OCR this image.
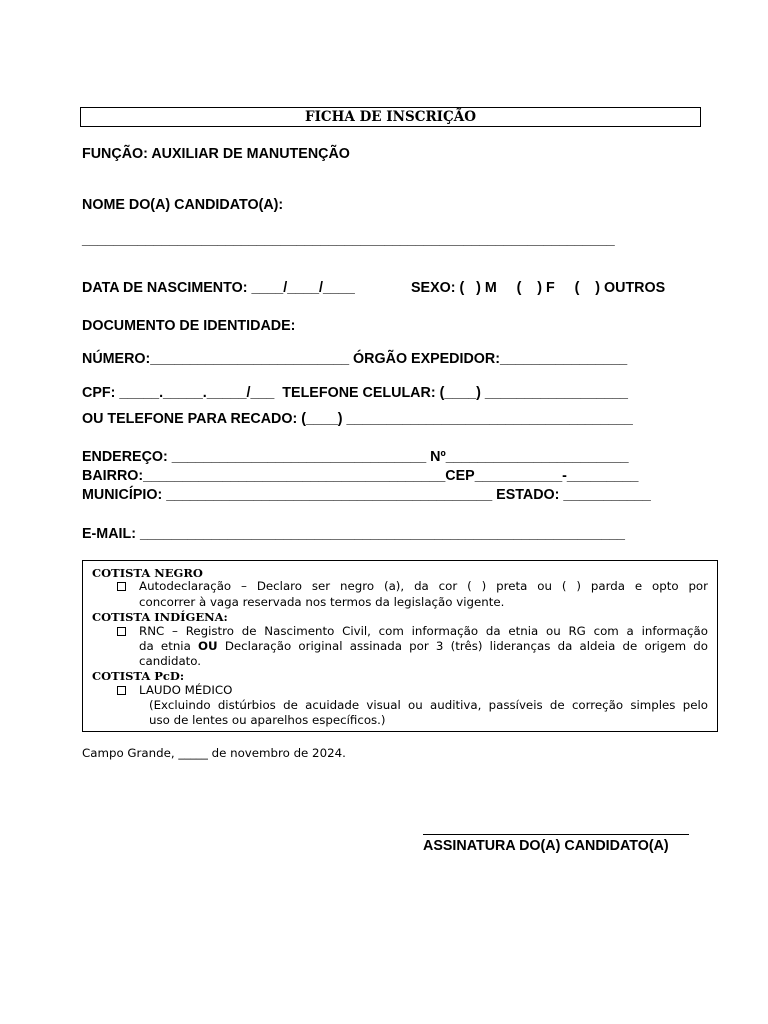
FICHA DE INSCRIÇÃO
FUNÇÃO: AUXILIAR DE MANUTENÇÃO
NOME DO(A) CANDIDATO(A):
___________________________________________________________________
DATA DE NASCIMENTO: ____/____/____	SEXO: (   ) M     (    ) F     (    ) OUTROS
DOCUMENTO DE IDENTIDADE:
NÚMERO:_________________________ ÓRGÃO EXPEDIDOR:________________
CPF: _____._____._____/___  TELEFONE CELULAR: (____) __________________
OU TELEFONE PARA RECADO: (____) ____________________________________
ENDEREÇO: ________________________________ Nº_______________________
BAIRRO:______________________________________CEP___________-_________
MUNICÍPIO: _________________________________________ ESTADO: ___________
E-MAIL: _____________________________________________________________
COTISTA NEGRO
Autodeclaração – Declaro ser negro (a), da cor ( ) preta ou ( ) parda e opto por
concorrer à vaga reservada nos termos da legislação vigente.
COTISTA INDÍGENA:
RNC – Registro de Nascimento Civil, com informação da etnia ou RG com a informação
da etnia OU Declaração original assinada por 3 (três) lideranças da aldeia de origem do
candidato.
COTISTA PcD:
LAUDO MÉDICO
(Excluindo distúrbios de acuidade visual ou auditiva, passíveis de correção simples pelo
uso de lentes ou aparelhos específicos.)
Campo Grande, _____ de novembro de 2024.
ASSINATURA DO(A) CANDIDATO(A)
